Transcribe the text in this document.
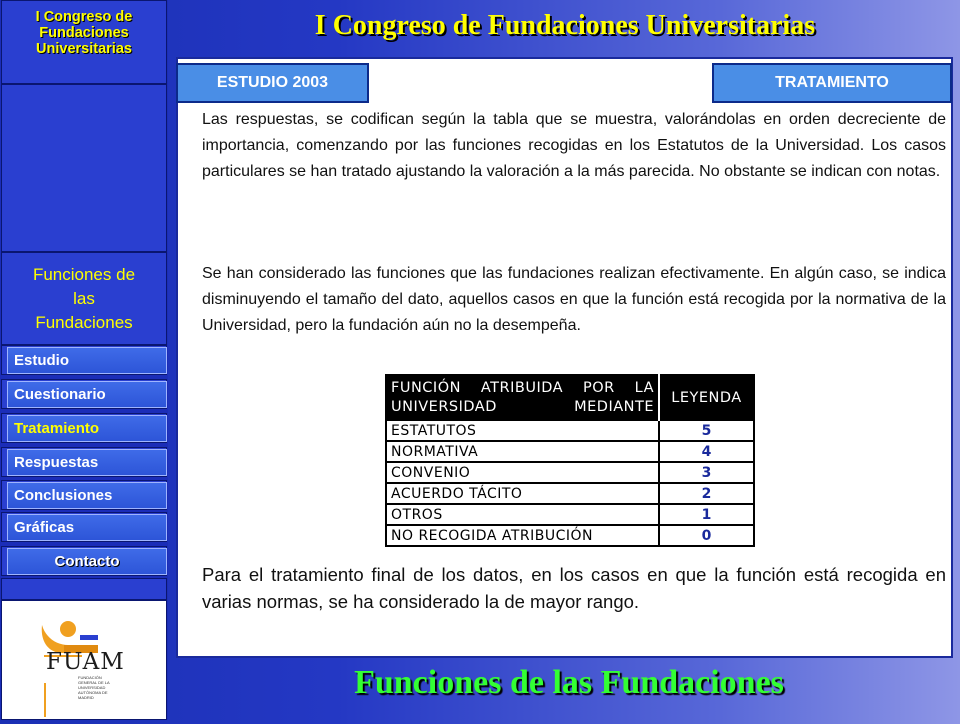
I Congreso de
Fundaciones
Universitarias
Funciones de
las
Fundaciones
Estudio
Cuestionario
Tratamiento
Respuestas
Conclusiones
Gráficas
Contacto
FUAM
FUNDACIÓN GENERAL DE LA UNIVERSIDAD AUTÓNOMA DE MADRID
I Congreso de Fundaciones Universitarias
ESTUDIO 2003	TRATAMIENTO
Las respuestas, se codifican según la tabla que se muestra, valorándolas en orden decreciente de importancia, comenzando por las funciones recogidas en los Estatutos de la Universidad. Los casos particulares se han tratado ajustando la valoración a la más parecida. No obstante se indican con notas.
Se han considerado las funciones que las fundaciones realizan efectivamente. En algún caso, se indica disminuyendo el tamaño del dato, aquellos casos en que la función está recogida por la normativa de la Universidad, pero la fundación aún no la desempeña.
FUNCIÓN ATRIBUIDA POR LA UNIVERSIDAD MEDIANTE	LEYENDA
ESTATUTOS	5
NORMATIVA	4
CONVENIO	3
ACUERDO TÁCITO	2
OTROS	1
NO RECOGIDA ATRIBUCIÓN	0
Para el tratamiento final de los datos, en los casos en que la función está recogida en varias normas, se ha considerado la de mayor rango.
Funciones de las Fundaciones
